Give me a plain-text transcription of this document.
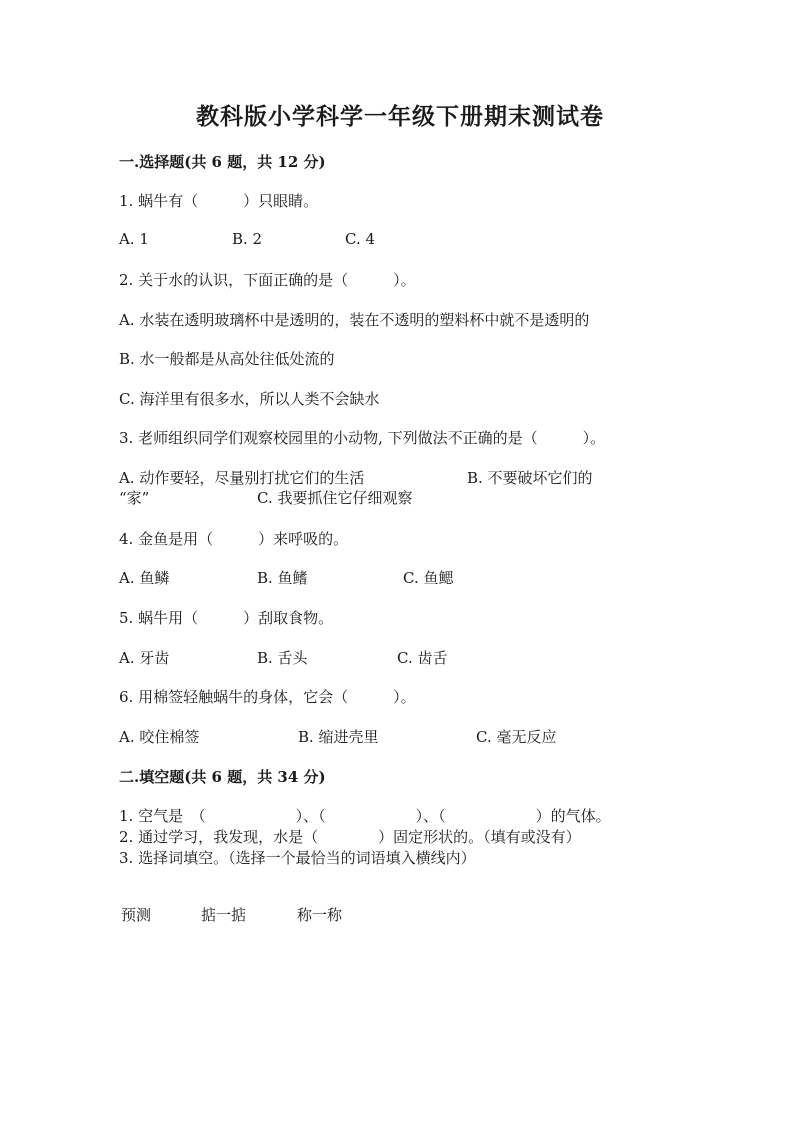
教科版小学科学一年级下册期末测试卷
一.选择题(共 6 题，共 12 分)
1. 蜗牛有（　　　）只眼睛。
A. 1	B. 2	C. 4
2. 关于水的认识，下面正确的是（　　　）。
A. 水装在透明玻璃杯中是透明的，装在不透明的塑料杯中就不是透明的
B. 水一般都是从高处往低处流的
C. 海洋里有很多水，所以人类不会缺水
3. 老师组织同学们观察校园里的小动物, 下列做法不正确的是（　　　）。
A. 动作要轻，尽量别打扰它们的生活	B. 不要破坏它们的
“家”	C. 我要抓住它仔细观察
4. 金鱼是用（　　　）来呼吸的。
A. 鱼鳞	B. 鱼鳍	C. 鱼鳃
5. 蜗牛用（　　　）刮取食物。
A. 牙齿	B. 舌头	C. 齿舌
6. 用棉签轻触蜗牛的身体，它会（　　　）。
A. 咬住棉签	B. 缩进壳里	C. 毫无反应
二.填空题(共 6 题，共 34 分)
1. 空气是　（　　　　　　）、（　　　　　　）、（　　　　　　）的气体。
2. 通过学习，我发现，水是（　　　　）固定形状的。（填有或没有）
3. 选择词填空。（选择一个最恰当的词语填入横线内）
预测	掂一掂	称一称
